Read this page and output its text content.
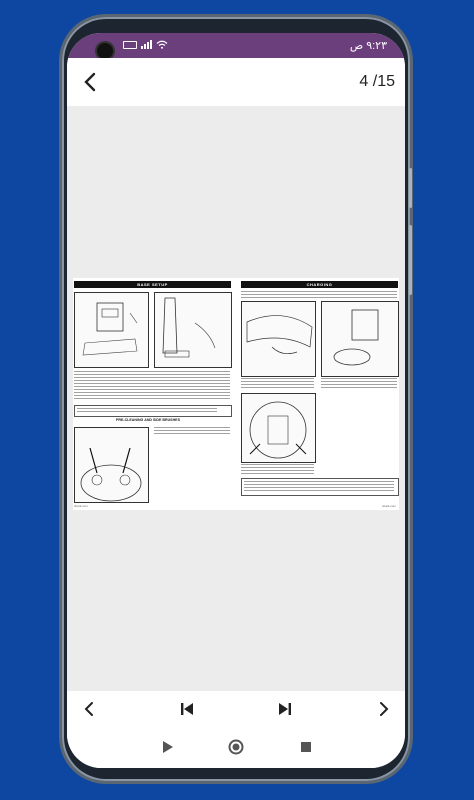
٩:٢٣ ص
4 /15
BASE SETUP
PRE-CLEANING AND SIDE BRUSHES
shark.com
CHARGING
shark.com
